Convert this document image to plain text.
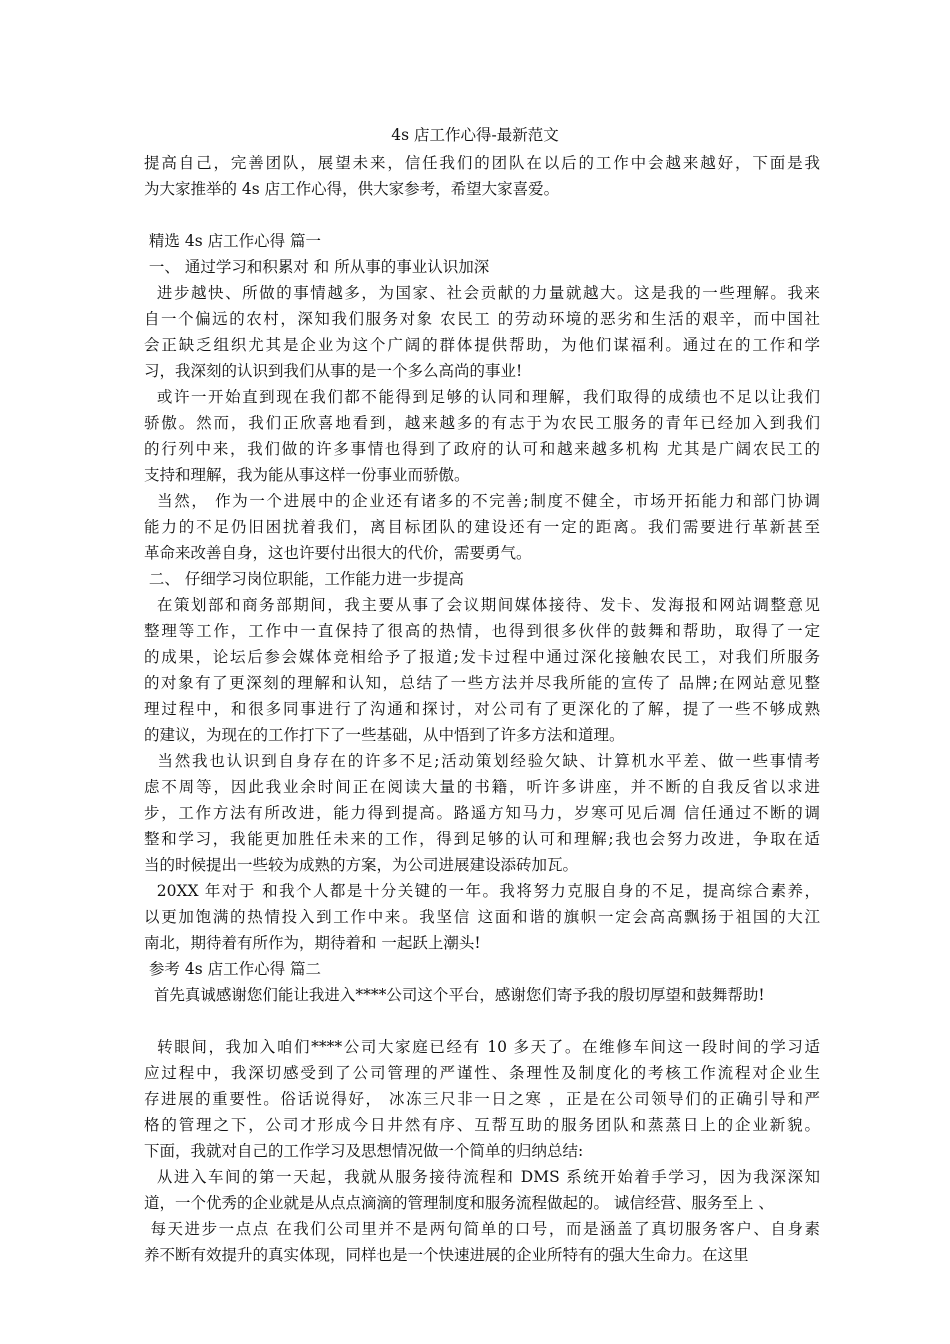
4s 店工作心得-最新范文
提高自己，完善团队，展望未来，信任我们的团队在以后的工作中会越来越好，下面是我
为大家推举的 4s 店工作心得，供大家参考，希望大家喜爱。
精选 4s 店工作心得 篇一
一、 通过学习和积累对 和 所从事的事业认识加深
进步越快、所做的事情越多，为国家、社会贡献的力量就越大。这是我的一些理解。我来
自一个偏远的农村，深知我们服务对象 农民工 的劳动环境的恶劣和生活的艰辛，而中国社
会正缺乏组织尤其是企业为这个广阔的群体提供帮助，为他们谋福利。通过在的工作和学
习，我深刻的认识到我们从事的是一个多么高尚的事业!
或许一开始直到现在我们都不能得到足够的认同和理解，我们取得的成绩也不足以让我们
骄傲。然而，我们正欣喜地看到，越来越多的有志于为农民工服务的青年已经加入到我们
的行列中来，我们做的许多事情也得到了政府的认可和越来越多机构 尤其是广阔农民工的
支持和理解，我为能从事这样一份事业而骄傲。
当然， 作为一个进展中的企业还有诸多的不完善;制度不健全，市场开拓能力和部门协调
能力的不足仍旧困扰着我们，离目标团队的建设还有一定的距离。我们需要进行革新甚至
革命来改善自身，这也许要付出很大的代价，需要勇气。
二、 仔细学习岗位职能，工作能力进一步提高
在策划部和商务部期间，我主要从事了会议期间媒体接待、发卡、发海报和网站调整意见
整理等工作，工作中一直保持了很高的热情，也得到很多伙伴的鼓舞和帮助，取得了一定
的成果，论坛后参会媒体竞相给予了报道;发卡过程中通过深化接触农民工，对我们所服务
的对象有了更深刻的理解和认知，总结了一些方法并尽我所能的宣传了 品牌;在网站意见整
理过程中，和很多同事进行了沟通和探讨，对公司有了更深化的了解，提了一些不够成熟
的建议，为现在的工作打下了一些基础，从中悟到了许多方法和道理。
当然我也认识到自身存在的许多不足;活动策划经验欠缺、计算机水平差、做一些事情考
虑不周等，因此我业余时间正在阅读大量的书籍，听许多讲座，并不断的自我反省以求进
步，工作方法有所改进，能力得到提高。路遥方知马力，岁寒可见后凋 信任通过不断的调
整和学习，我能更加胜任未来的工作，得到足够的认可和理解;我也会努力改进，争取在适
当的时候提出一些较为成熟的方案，为公司进展建设添砖加瓦。
20XX 年对于 和我个人都是十分关键的一年。我将努力克服自身的不足，提高综合素养，
以更加饱满的热情投入到工作中来。我坚信 这面和谐的旗帜一定会高高飘扬于祖国的大江
南北，期待着有所作为，期待着和 一起跃上潮头!
参考 4s 店工作心得 篇二
首先真诚感谢您们能让我进入****公司这个平台，感谢您们寄予我的殷切厚望和鼓舞帮助!
转眼间，我加入咱们****公司大家庭已经有 10 多天了。在维修车间这一段时间的学习适
应过程中，我深切感受到了公司管理的严谨性、条理性及制度化的考核工作流程对企业生
存进展的重要性。俗话说得好， 冰冻三尺非一日之寒 ，正是在公司领导们的正确引导和严
格的管理之下，公司才形成今日井然有序、互帮互助的服务团队和蒸蒸日上的企业新貌。
下面，我就对自己的工作学习及思想情况做一个简单的归纳总结:
从进入车间的第一天起，我就从服务接待流程和 DMS 系统开始着手学习，因为我深深知
道，一个优秀的企业就是从点点滴滴的管理制度和服务流程做起的。 诚信经营、服务至上 、
每天进步一点点 在我们公司里并不是两句简单的口号，而是涵盖了真切服务客户、自身素
养不断有效提升的真实体现，同样也是一个快速进展的企业所特有的强大生命力。在这里
